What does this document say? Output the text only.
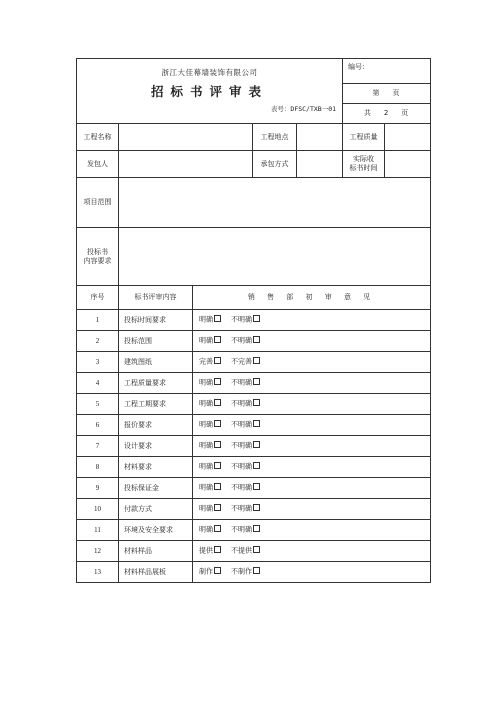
浙江大佳幕墙装饰有限公司
招标书评审表
表号：DFSC/TXB一01					编号：	
					第 页	
					共 2 页	
工程名称			工程地点		工程质量	
发包人			承包方式		实际收
标书时间	

项目范围						

投标书
内容要求						

序号	标书评审内容	销 售 部 初 审 意 见				
1	投标时间要求	明确 不明确				
2	投标范围	明确 不明确				
3	建筑图纸	完善 不完善				
4	工程质量要求	明确 不明确				
5	工程工期要求	明确 不明确				
6	报价要求	明确 不明确				
7	设计要求	明确 不明确				
8	材料要求	明确 不明确				
9	投标保证金	明确 不明确				
10	付款方式	明确 不明确				
11	环境及安全要求	明确 不明确				
12	材料样品	提供 不提供				
13	材料样品展板	制作 不制作				
